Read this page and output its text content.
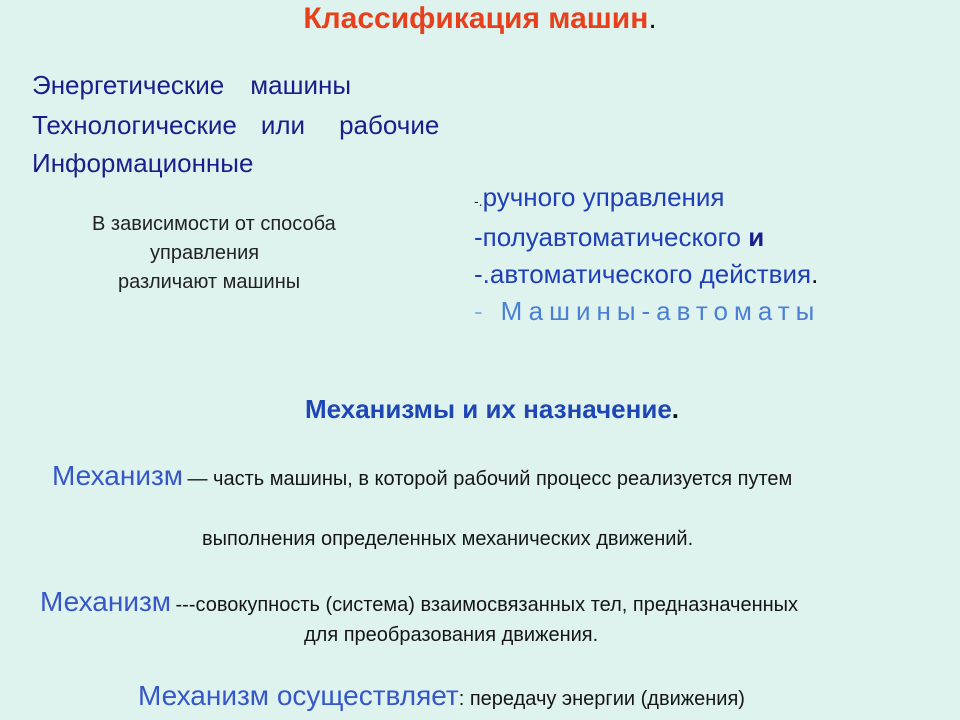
Классификация машин.
Энергетические машины
Технологические или рабочие
Информационные
В зависимости от способа
управления
различают машины
-.ручного управления
-полуавтоматического и
-.автоматического действия.
- Машины-автоматы
Механизмы и их назначение.
Механизм — часть машины, в которой рабочий процесс реализуется путем
выполнения определенных механических движений.
Механизм ---совокупность (система) взаимосвязанных тел, предназначенных
для преобразования движения.
Механизм осуществляет: передачу энергии (движения)
